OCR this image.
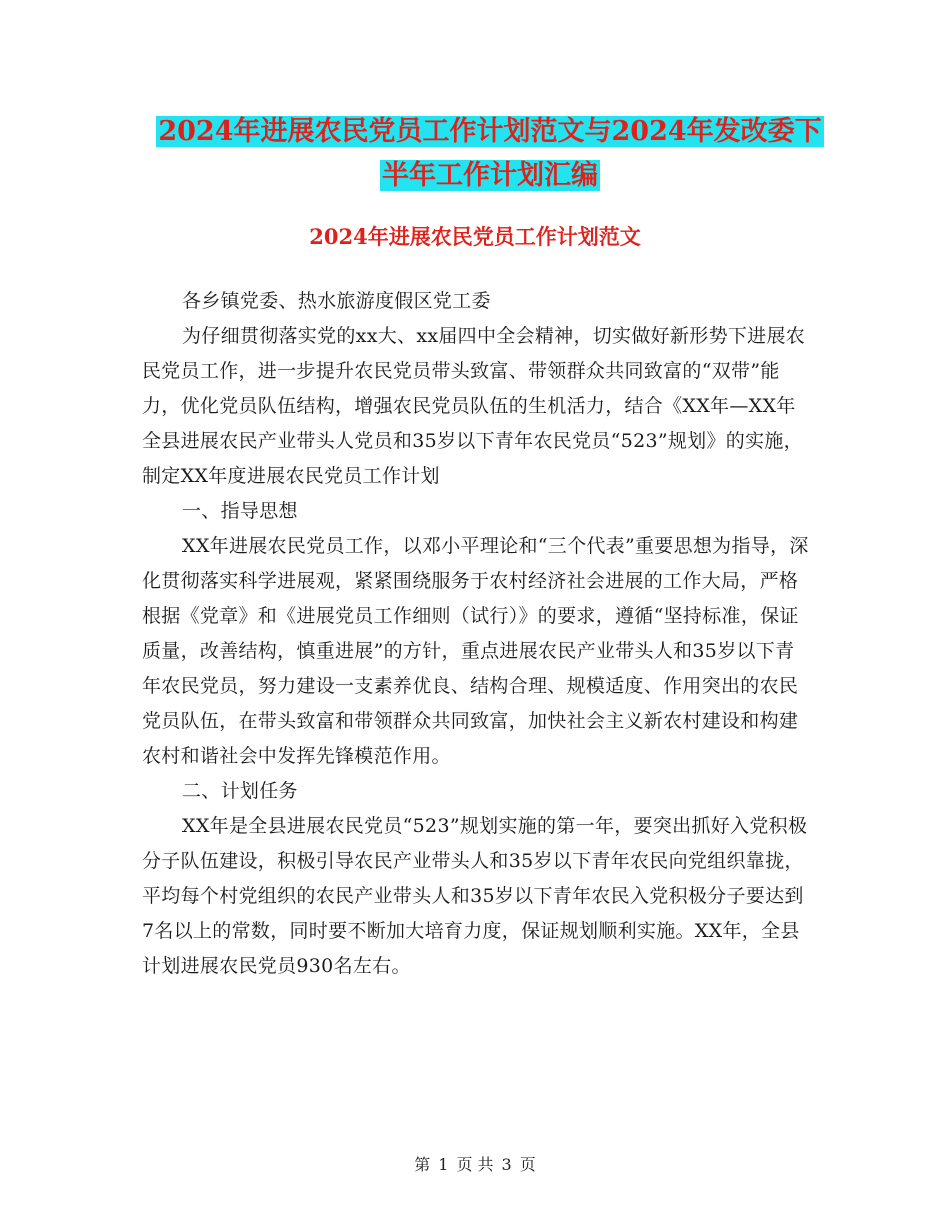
2024年进展农民党员工作计划范文与2024年发改委下
半年工作计划汇编
2024年进展农民党员工作计划范文

各乡镇党委、热水旅游度假区党工委

为仔细贯彻落实党的xx大、xx届四中全会精神，切实做好新形势下进展农民党员工作，进一步提升农民党员带头致富、带领群众共同致富的“双带”能力，优化党员队伍结构，增强农民党员队伍的生机活力，结合《XX年—XX年全县进展农民产业带头人党员和35岁以下青年农民党员“523”规划》的实施，制定XX年度进展农民党员工作计划

一、指导思想

XX年进展农民党员工作，以邓小平理论和“三个代表”重要思想为指导，深化贯彻落实科学进展观，紧紧围绕服务于农村经济社会进展的工作大局，严格根据《党章》和《进展党员工作细则（试行）》的要求，遵循“坚持标准，保证质量，改善结构，慎重进展”的方针，重点进展农民产业带头人和35岁以下青年农民党员，努力建设一支素养优良、结构合理、规模适度、作用突出的农民党员队伍，在带头致富和带领群众共同致富，加快社会主义新农村建设和构建农村和谐社会中发挥先锋模范作用。

二、计划任务

XX年是全县进展农民党员“523”规划实施的第一年，要突出抓好入党积极分子队伍建设，积极引导农民产业带头人和35岁以下青年农民向党组织靠拢，平均每个村党组织的农民产业带头人和35岁以下青年农民入党积极分子要达到7名以上的常数，同时要不断加大培育力度，保证规划顺利实施。XX年，全县计划进展农民党员930名左右。

第 1 页 共 3 页
